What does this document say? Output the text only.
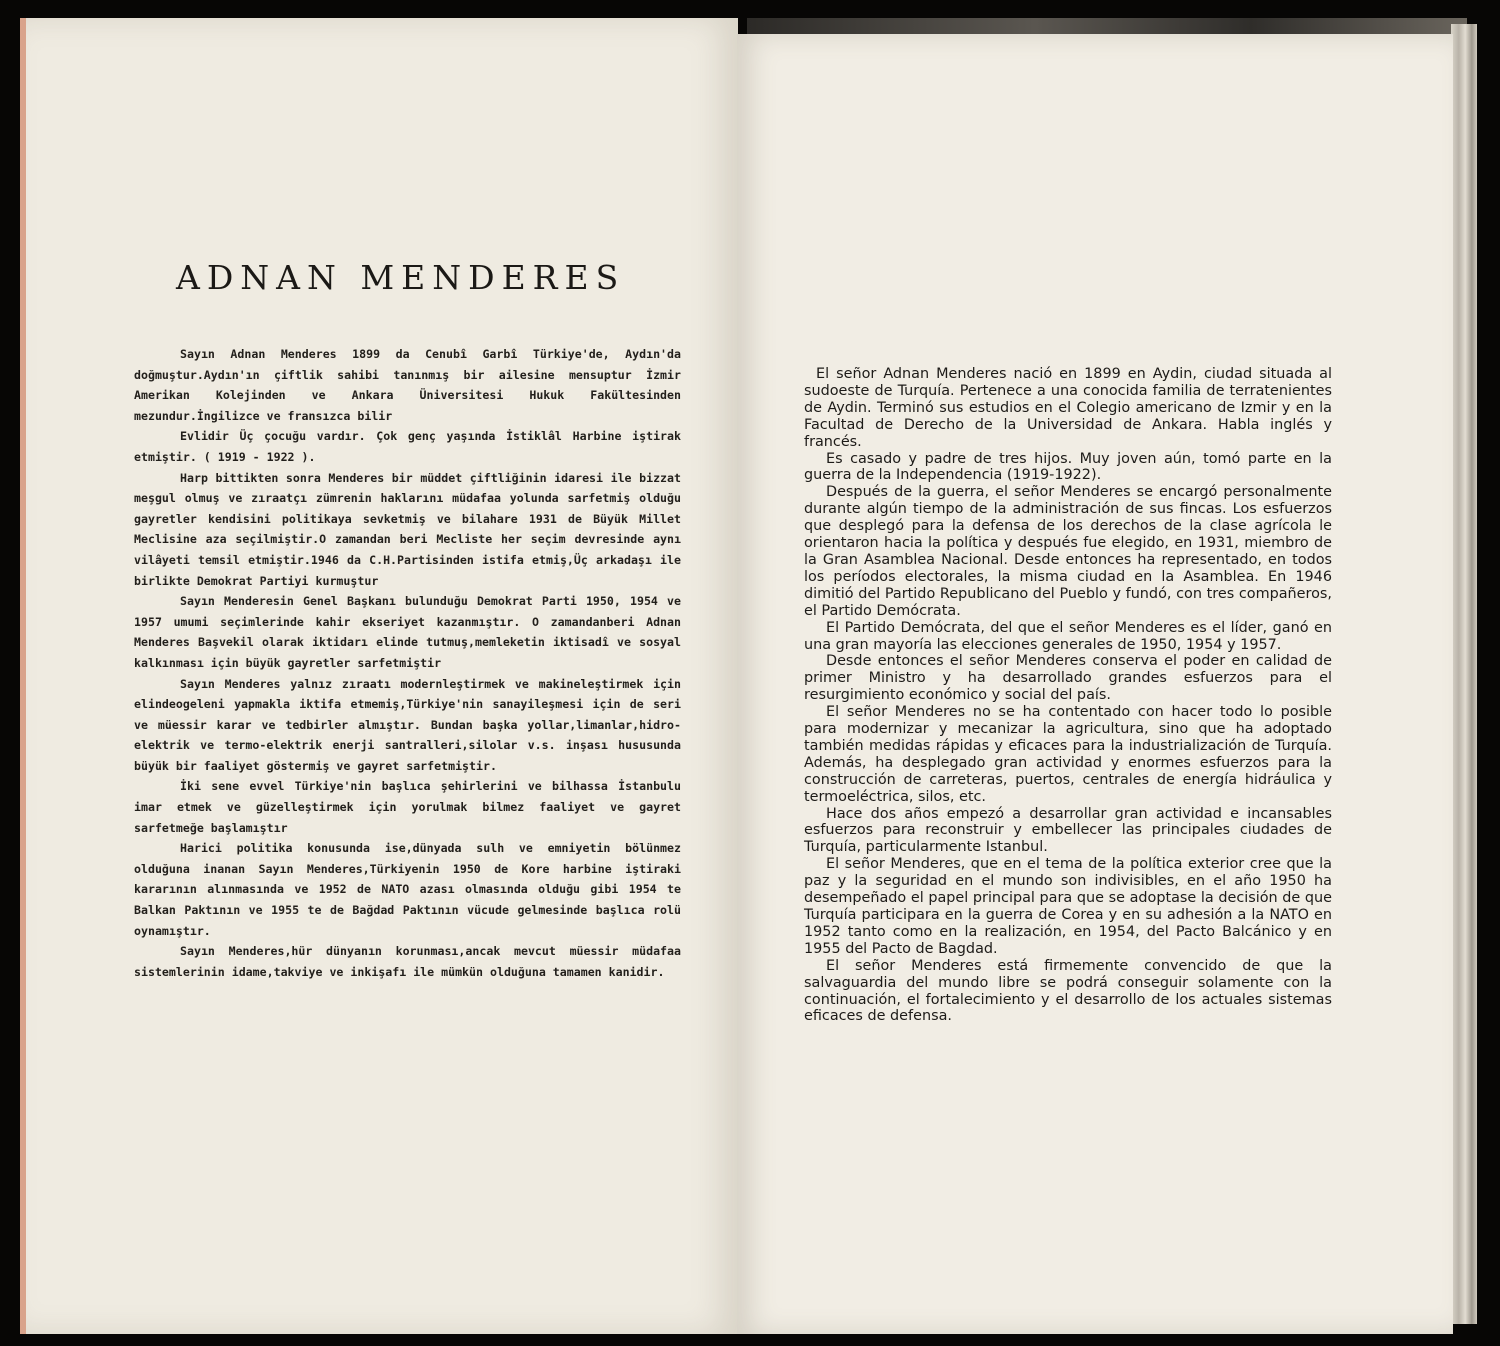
ADNAN MENDERES

Sayın Adnan Menderes 1899 da Cenubî Garbî Türkiye'de, Aydın'da doğmuştur.Aydın'ın çiftlik sahibi tanınmış bir ailesine mensuptur İzmir Amerikan Kolejinden ve Ankara Üniversitesi Hukuk Fakültesinden mezundur.İngilizce ve fransızca bilir

Evlidir Üç çocuğu vardır. Çok genç yaşında İstiklâl Harbine iştirak etmiştir. ( 1919 - 1922 ).

Harp bittikten sonra Menderes bir müddet çiftliğinin idaresi ile bizzat meşgul olmuş ve zıraatçı zümrenin haklarını müdafaa yolunda sarfetmiş olduğu gayretler kendisini politikaya sevketmiş ve bilahare 1931 de Büyük Millet Meclisine aza seçilmiştir.O zamandan beri Mecliste her seçim devresinde aynı vilâyeti temsil etmiştir.1946 da C.H.Partisinden istifa etmiş,Üç arkadaşı ile birlikte Demokrat Partiyi kurmuştur

Sayın Menderesin Genel Başkanı bulunduğu Demokrat Parti 1950, 1954 ve 1957 umumi seçimlerinde kahir ekseriyet kazanmıştır. O zamandanberi Adnan Menderes Başvekil olarak iktidarı elinde tutmuş,memleketin iktisadî ve sosyal kalkınması için büyük gayretler sarfetmiştir

Sayın Menderes yalnız zıraatı modernleştirmek ve makineleştirmek için elindeogeleni yapmakla iktifa etmemiş,Türkiye'nin sanayileşmesi için de seri ve müessir karar ve tedbirler almıştır. Bundan başka yollar,limanlar,hidro-elektrik ve termo-elektrik enerji santralleri,silolar v.s. inşası hususunda büyük bir faaliyet göstermiş ve gayret sarfetmiştir.

İki sene evvel Türkiye'nin başlıca şehirlerini ve bilhassa İstanbulu imar etmek ve güzelleştirmek için yorulmak bilmez faaliyet ve gayret sarfetmeğe başlamıştır

Harici politika konusunda ise,dünyada sulh ve emniyetin bölünmez olduğuna inanan Sayın Menderes,Türkiyenin 1950 de Kore harbine iştiraki kararının alınmasında ve 1952 de NATO azası olmasında olduğu gibi 1954 te Balkan Paktının ve 1955 te de Bağdad Paktının vücude gelmesinde başlıca rolü oynamıştır.

Sayın Menderes,hür dünyanın korunması,ancak mevcut müessir müdafaa sistemlerinin idame,takviye ve inkişafı ile mümkün olduğuna tamamen kanidir.

El señor Adnan Menderes nació en 1899 en Aydin, ciudad situada al sudoeste de Turquía. Pertenece a una conocida familia de terratenientes de Aydin. Terminó sus estudios en el Colegio americano de Izmir y en la Facultad de Derecho de la Universidad de Ankara. Habla inglés y francés.

Es casado y padre de tres hijos. Muy joven aún, tomó parte en la guerra de la Independencia (1919-1922).

Después de la guerra, el señor Menderes se encargó personalmente durante algún tiempo de la administración de sus fincas. Los esfuerzos que desplegó para la defensa de los derechos de la clase agrícola le orientaron hacia la política y después fue elegido, en 1931, miembro de la Gran Asamblea Nacional. Desde entonces ha representado, en todos los períodos electorales, la misma ciudad en la Asamblea. En 1946 dimitió del Partido Republicano del Pueblo y fundó, con tres compañeros, el Partido Demócrata.

El Partido Demócrata, del que el señor Menderes es el líder, ganó en una gran mayoría las elecciones generales de 1950, 1954 y 1957.

Desde entonces el señor Menderes conserva el poder en calidad de primer Ministro y ha desarrollado grandes esfuerzos para el resurgimiento económico y social del país.

El señor Menderes no se ha contentado con hacer todo lo posible para modernizar y mecanizar la agricultura, sino que ha adoptado también medidas rápidas y eficaces para la industrialización de Turquía. Además, ha desplegado gran actividad y enormes esfuerzos para la construcción de carreteras, puertos, centrales de energía hidráulica y termoeléctrica, silos, etc.

Hace dos años empezó a desarrollar gran actividad e incansables esfuerzos para reconstruir y embellecer las principales ciudades de Turquía, particularmente Istanbul.

El señor Menderes, que en el tema de la política exterior cree que la paz y la seguridad en el mundo son indivisibles, en el año 1950 ha desempeñado el papel principal para que se adoptase la decisión de que Turquía participara en la guerra de Corea y en su adhesión a la NATO en 1952 tanto como en la realización, en 1954, del Pacto Balcánico y en 1955 del Pacto de Bagdad.

El señor Menderes está firmemente convencido de que la salvaguardia del mundo libre se podrá conseguir solamente con la continuación, el fortalecimiento y el desarrollo de los actuales sistemas eficaces de defensa.
